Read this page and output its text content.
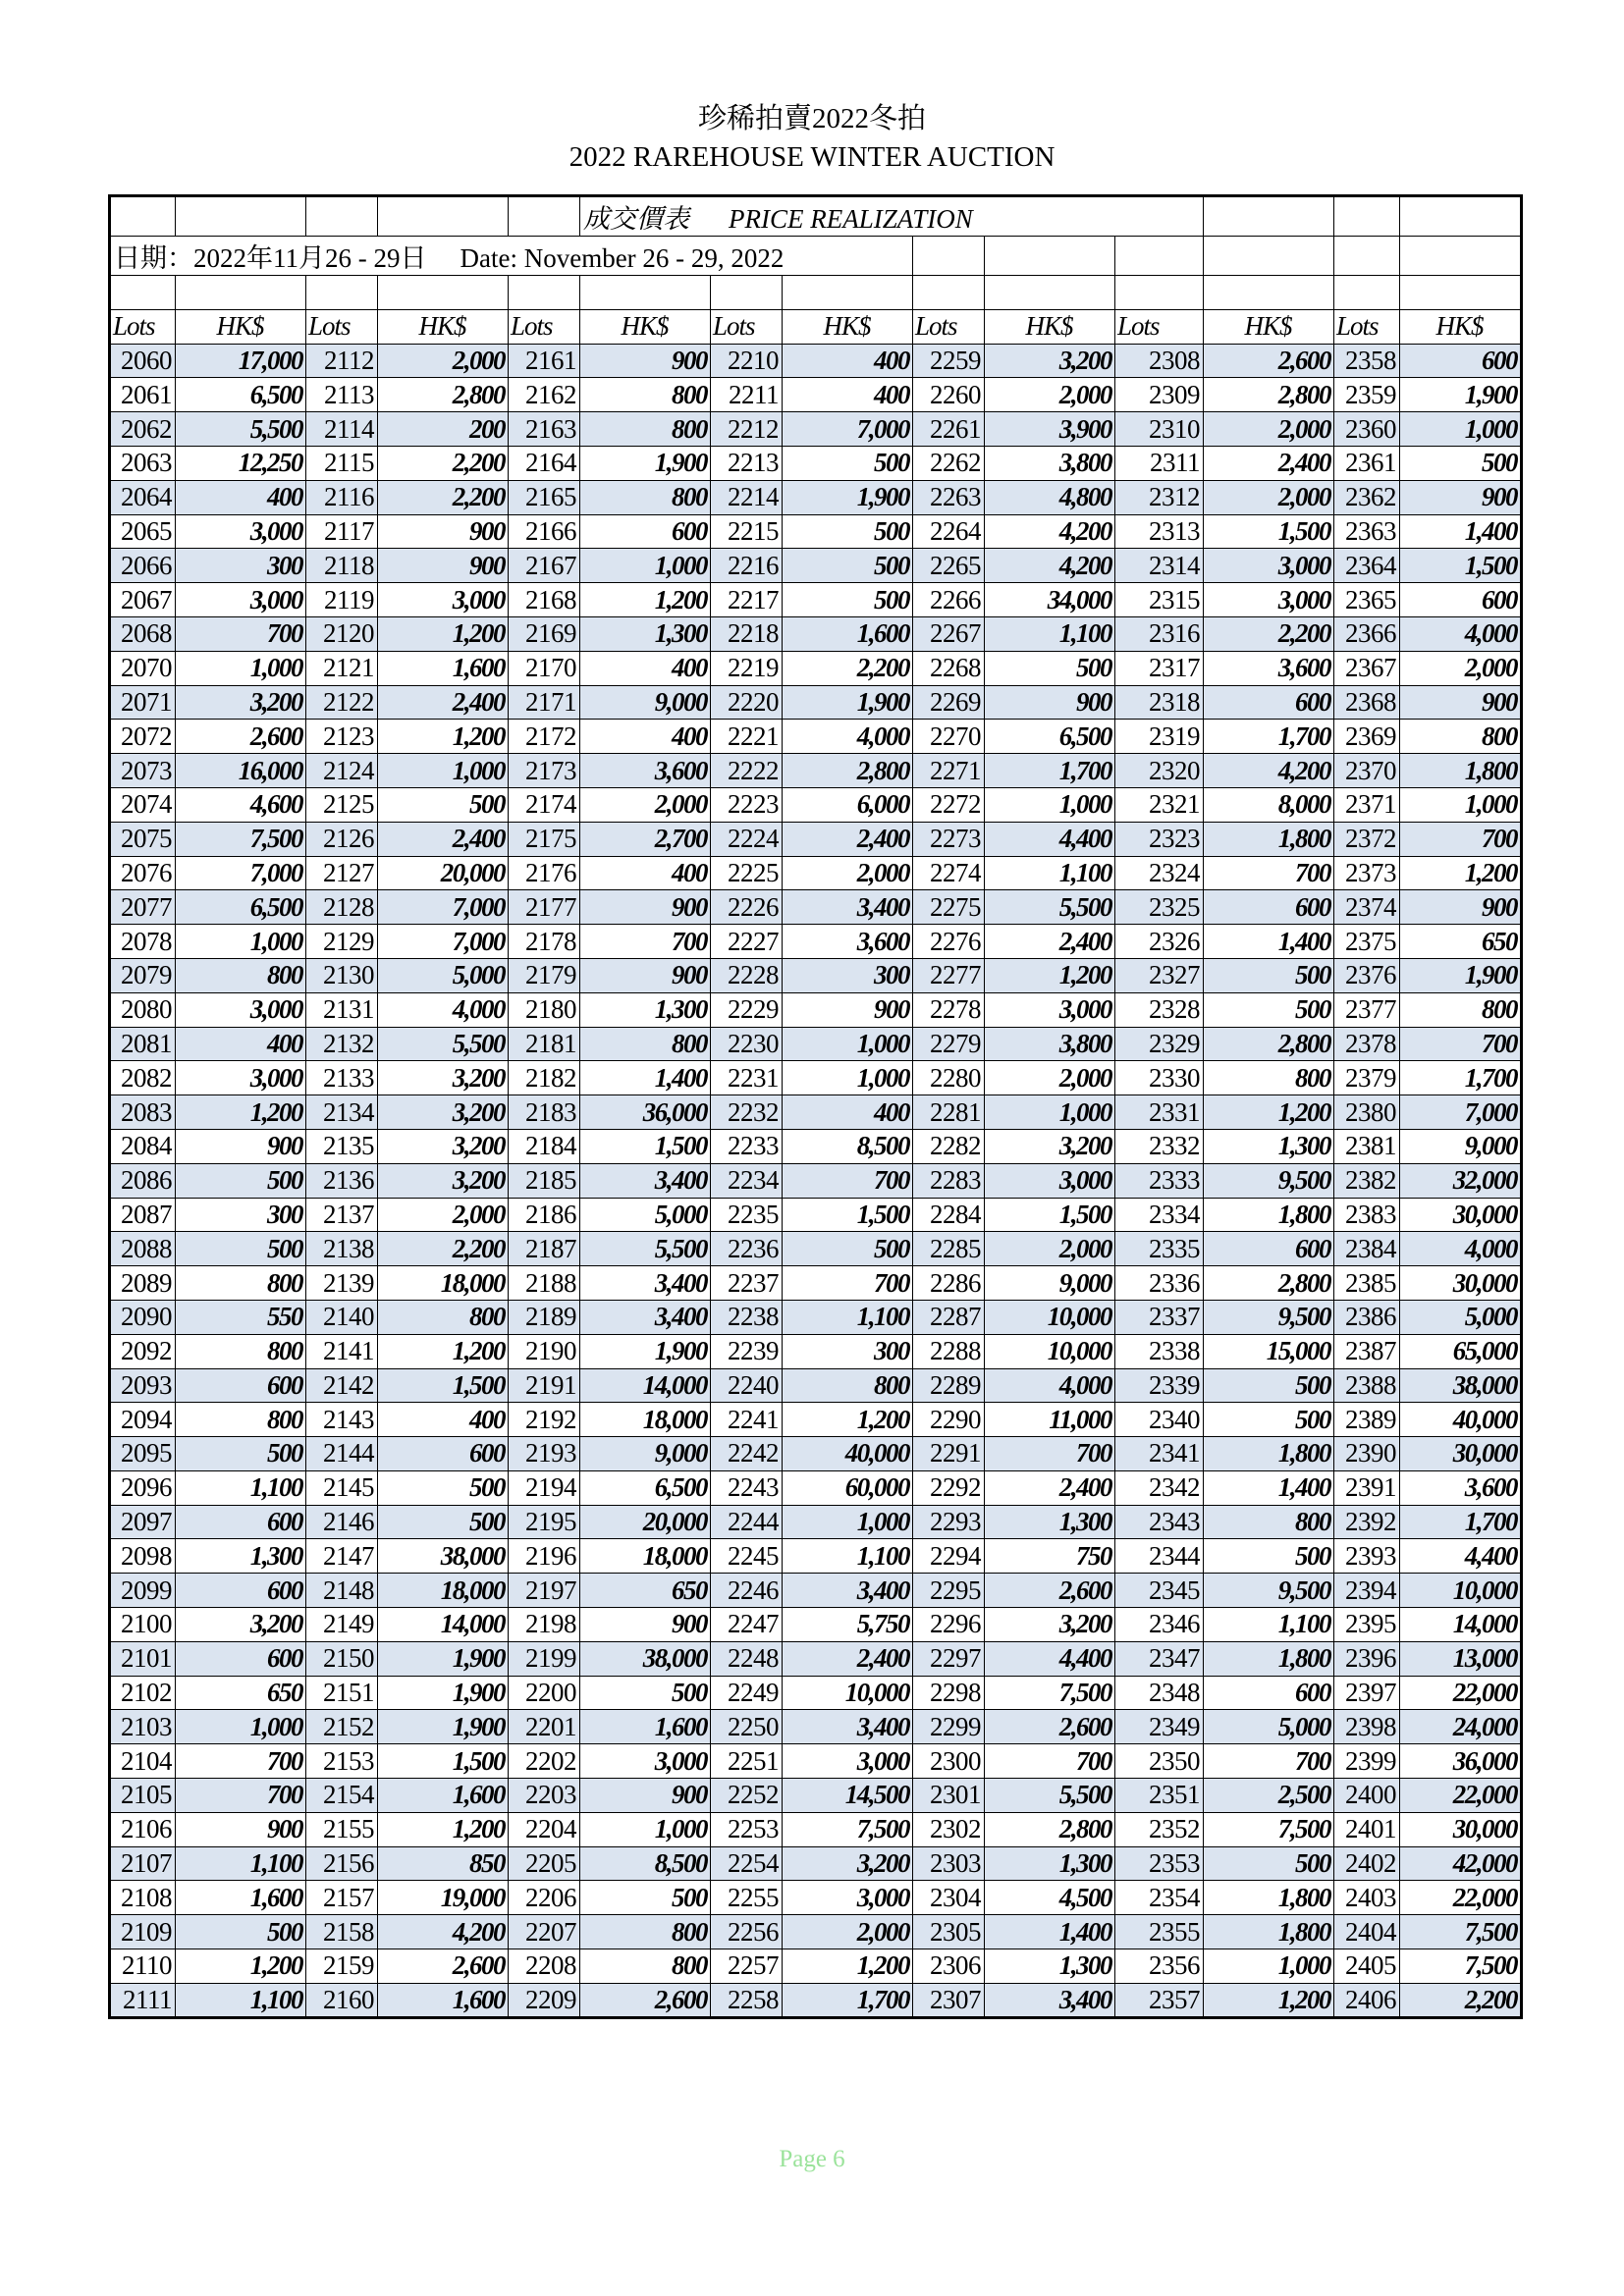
珍稀拍賣2022冬拍
2022 RAREHOUSE WINTER AUCTION
					成交價表 PRICE REALIZATION								
日期：2022年11月26 - 29日 Date: November 26 - 29, 2022													

Lots	HK$	Lots	HK$	Lots	HK$	Lots	HK$	Lots	HK$	Lots	HK$	Lots	HK$
2060	17,000	2112	2,000	2161	900	2210	400	2259	3,200	2308	2,600	2358	600
2061	6,500	2113	2,800	2162	800	2211	400	2260	2,000	2309	2,800	2359	1,900
2062	5,500	2114	200	2163	800	2212	7,000	2261	3,900	2310	2,000	2360	1,000
2063	12,250	2115	2,200	2164	1,900	2213	500	2262	3,800	2311	2,400	2361	500
2064	400	2116	2,200	2165	800	2214	1,900	2263	4,800	2312	2,000	2362	900
2065	3,000	2117	900	2166	600	2215	500	2264	4,200	2313	1,500	2363	1,400
2066	300	2118	900	2167	1,000	2216	500	2265	4,200	2314	3,000	2364	1,500
2067	3,000	2119	3,000	2168	1,200	2217	500	2266	34,000	2315	3,000	2365	600
2068	700	2120	1,200	2169	1,300	2218	1,600	2267	1,100	2316	2,200	2366	4,000
2070	1,000	2121	1,600	2170	400	2219	2,200	2268	500	2317	3,600	2367	2,000
2071	3,200	2122	2,400	2171	9,000	2220	1,900	2269	900	2318	600	2368	900
2072	2,600	2123	1,200	2172	400	2221	4,000	2270	6,500	2319	1,700	2369	800
2073	16,000	2124	1,000	2173	3,600	2222	2,800	2271	1,700	2320	4,200	2370	1,800
2074	4,600	2125	500	2174	2,000	2223	6,000	2272	1,000	2321	8,000	2371	1,000
2075	7,500	2126	2,400	2175	2,700	2224	2,400	2273	4,400	2323	1,800	2372	700
2076	7,000	2127	20,000	2176	400	2225	2,000	2274	1,100	2324	700	2373	1,200
2077	6,500	2128	7,000	2177	900	2226	3,400	2275	5,500	2325	600	2374	900
2078	1,000	2129	7,000	2178	700	2227	3,600	2276	2,400	2326	1,400	2375	650
2079	800	2130	5,000	2179	900	2228	300	2277	1,200	2327	500	2376	1,900
2080	3,000	2131	4,000	2180	1,300	2229	900	2278	3,000	2328	500	2377	800
2081	400	2132	5,500	2181	800	2230	1,000	2279	3,800	2329	2,800	2378	700
2082	3,000	2133	3,200	2182	1,400	2231	1,000	2280	2,000	2330	800	2379	1,700
2083	1,200	2134	3,200	2183	36,000	2232	400	2281	1,000	2331	1,200	2380	7,000
2084	900	2135	3,200	2184	1,500	2233	8,500	2282	3,200	2332	1,300	2381	9,000
2086	500	2136	3,200	2185	3,400	2234	700	2283	3,000	2333	9,500	2382	32,000
2087	300	2137	2,000	2186	5,000	2235	1,500	2284	1,500	2334	1,800	2383	30,000
2088	500	2138	2,200	2187	5,500	2236	500	2285	2,000	2335	600	2384	4,000
2089	800	2139	18,000	2188	3,400	2237	700	2286	9,000	2336	2,800	2385	30,000
2090	550	2140	800	2189	3,400	2238	1,100	2287	10,000	2337	9,500	2386	5,000
2092	800	2141	1,200	2190	1,900	2239	300	2288	10,000	2338	15,000	2387	65,000
2093	600	2142	1,500	2191	14,000	2240	800	2289	4,000	2339	500	2388	38,000
2094	800	2143	400	2192	18,000	2241	1,200	2290	11,000	2340	500	2389	40,000
2095	500	2144	600	2193	9,000	2242	40,000	2291	700	2341	1,800	2390	30,000
2096	1,100	2145	500	2194	6,500	2243	60,000	2292	2,400	2342	1,400	2391	3,600
2097	600	2146	500	2195	20,000	2244	1,000	2293	1,300	2343	800	2392	1,700
2098	1,300	2147	38,000	2196	18,000	2245	1,100	2294	750	2344	500	2393	4,400
2099	600	2148	18,000	2197	650	2246	3,400	2295	2,600	2345	9,500	2394	10,000
2100	3,200	2149	14,000	2198	900	2247	5,750	2296	3,200	2346	1,100	2395	14,000
2101	600	2150	1,900	2199	38,000	2248	2,400	2297	4,400	2347	1,800	2396	13,000
2102	650	2151	1,900	2200	500	2249	10,000	2298	7,500	2348	600	2397	22,000
2103	1,000	2152	1,900	2201	1,600	2250	3,400	2299	2,600	2349	5,000	2398	24,000
2104	700	2153	1,500	2202	3,000	2251	3,000	2300	700	2350	700	2399	36,000
2105	700	2154	1,600	2203	900	2252	14,500	2301	5,500	2351	2,500	2400	22,000
2106	900	2155	1,200	2204	1,000	2253	7,500	2302	2,800	2352	7,500	2401	30,000
2107	1,100	2156	850	2205	8,500	2254	3,200	2303	1,300	2353	500	2402	42,000
2108	1,600	2157	19,000	2206	500	2255	3,000	2304	4,500	2354	1,800	2403	22,000
2109	500	2158	4,200	2207	800	2256	2,000	2305	1,400	2355	1,800	2404	7,500
2110	1,200	2159	2,600	2208	800	2257	1,200	2306	1,300	2356	1,000	2405	7,500
2111	1,100	2160	1,600	2209	2,600	2258	1,700	2307	3,400	2357	1,200	2406	2,200
Page 6
